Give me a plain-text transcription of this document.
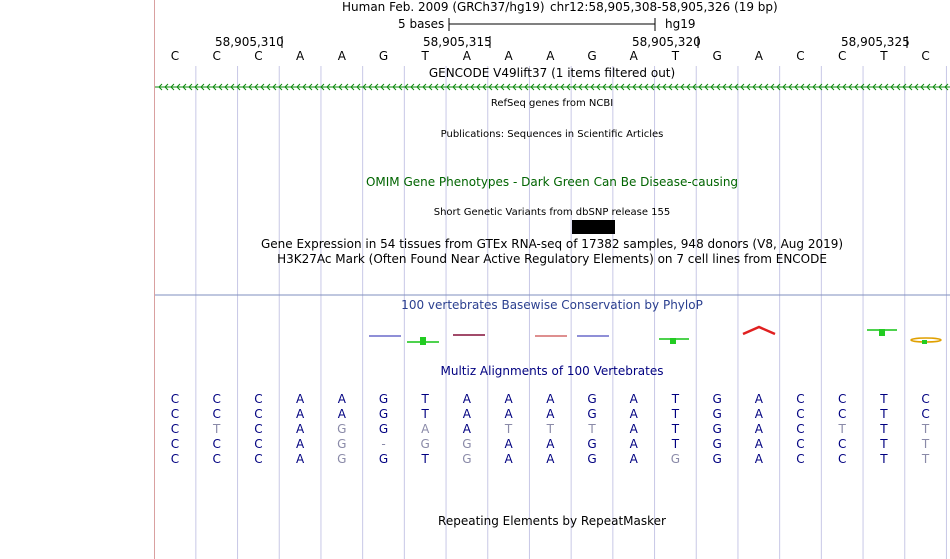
Human Feb. 2009 (GRCh37/hg19) chr12:58,905,308-58,905,326 (19 bp)
5 bases	hg19
58,905,310	58,905,315	58,905,320	58,905,325
C	C	C	A	A	G	T	A	A	A	G	A	T	G	A	C	C	T	C
GENCODE V49lift37 (1 items filtered out)
RefSeq genes from NCBI
Publications: Sequences in Scientific Articles
OMIM Gene Phenotypes - Dark Green Can Be Disease-causing
Short Genetic Variants from dbSNP release 155
Gene Expression in 54 tissues from GTEx RNA-seq of 17382 samples, 948 donors (V8, Aug 2019)
H3K27Ac Mark (Often Found Near Active Regulatory Elements) on 7 cell lines from ENCODE
100 vertebrates Basewise Conservation by PhyloP
Multiz Alignments of 100 Vertebrates
C	C	C	A	A	G	T	A	A	A	G	A	T	G	A	C	C	T	C
C	C	C	A	A	G	T	A	A	A	G	A	T	G	A	C	C	T	C
C	T	C	A	G	G	A	A	T	T	T	A	T	G	A	C	T	T	T
C	C	C	A	G	-	G	G	A	A	G	A	T	G	A	C	C	T	T
C	C	C	A	G	G	T	G	A	A	G	A	G	G	A	C	C	T	T
Repeating Elements by RepeatMasker
